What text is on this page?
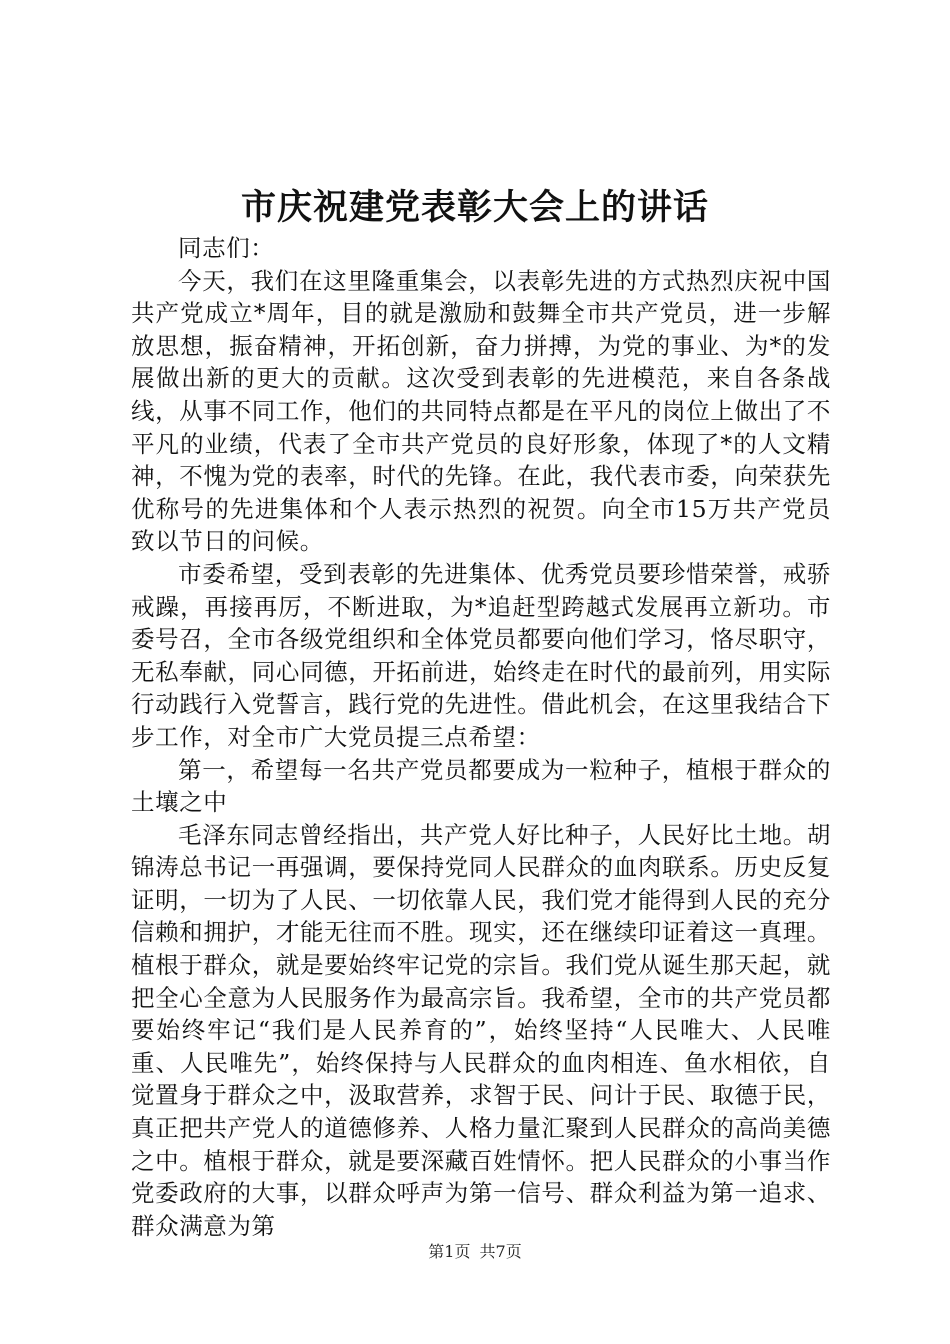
市庆祝建党表彰大会上的讲话

同志们：

今天，我们在这里隆重集会，以表彰先进的方式热烈庆祝中国共产党成立*周年，目的就是激励和鼓舞全市共产党员，进一步解放思想，振奋精神，开拓创新，奋力拼搏，为党的事业、为*的发展做出新的更大的贡献。这次受到表彰的先进模范，来自各条战线，从事不同工作，他们的共同特点都是在平凡的岗位上做出了不平凡的业绩，代表了全市共产党员的良好形象，体现了*的人文精神，不愧为党的表率，时代的先锋。在此，我代表市委，向荣获先优称号的先进集体和个人表示热烈的祝贺。向全市15万共产党员致以节日的问候。

市委希望，受到表彰的先进集体、优秀党员要珍惜荣誉，戒骄戒躁，再接再厉，不断进取，为*追赶型跨越式发展再立新功。市委号召，全市各级党组织和全体党员都要向他们学习，恪尽职守，无私奉献，同心同德，开拓前进，始终走在时代的最前列，用实际行动践行入党誓言，践行党的先进性。借此机会，在这里我结合下步工作，对全市广大党员提三点希望：

第一，希望每一名共产党员都要成为一粒种子，植根于群众的土壤之中

毛泽东同志曾经指出，共产党人好比种子，人民好比土地。胡锦涛总书记一再强调，要保持党同人民群众的血肉联系。历史反复证明，一切为了人民、一切依靠人民，我们党才能得到人民的充分信赖和拥护，才能无往而不胜。现实，还在继续印证着这一真理。植根于群众，就是要始终牢记党的宗旨。我们党从诞生那天起，就把全心全意为人民服务作为最高宗旨。我希望，全市的共产党员都要始终牢记“我们是人民养育的”，始终坚持“人民唯大、人民唯重、人民唯先”，始终保持与人民群众的血肉相连、鱼水相依，自觉置身于群众之中，汲取营养，求智于民、问计于民、取德于民，真正把共产党人的道德修养、人格力量汇聚到人民群众的高尚美德之中。植根于群众，就是要深藏百姓情怀。把人民群众的小事当作党委政府的大事，以群众呼声为第一信号、群众利益为第一追求、群众满意为第

第1页 共7页
